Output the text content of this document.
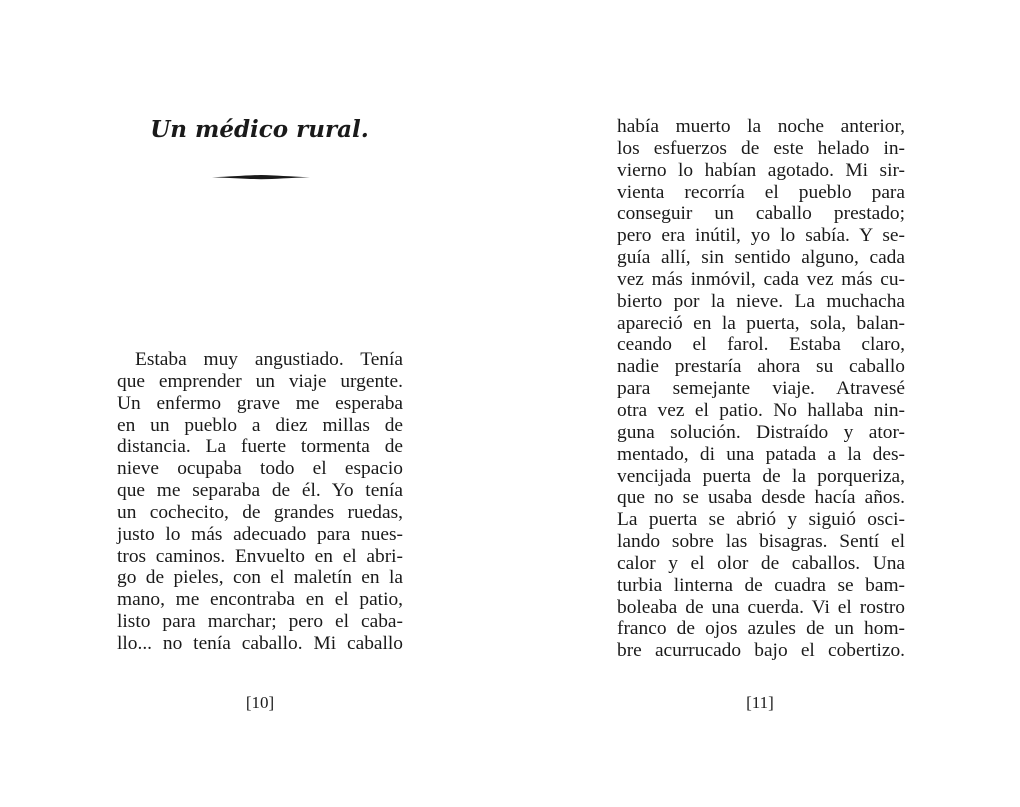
Un médico rural.
Estaba muy angustiado. Tenía
que emprender un viaje urgente.
Un enfermo grave me esperaba
en un pueblo a diez millas de
distancia. La fuerte tormenta de
nieve ocupaba todo el espacio
que me separaba de él. Yo tenía
un cochecito, de grandes ruedas,
justo lo más adecuado para nues-
tros caminos. Envuelto en el abri-
go de pieles, con el maletín en la
mano, me encontraba en el patio,
listo para marchar; pero el caba-
llo... no tenía caballo. Mi caballo
[10]
había muerto la noche anterior,
los esfuerzos de este helado in-
vierno lo habían agotado. Mi sir-
vienta recorría el pueblo para
conseguir un caballo prestado;
pero era inútil, yo lo sabía. Y se-
guía allí, sin sentido alguno, cada
vez más inmóvil, cada vez más cu-
bierto por la nieve. La muchacha
apareció en la puerta, sola, balan-
ceando el farol. Estaba claro,
nadie prestaría ahora su caballo
para semejante viaje. Atravesé
otra vez el patio. No hallaba nin-
guna solución. Distraído y ator-
mentado, di una patada a la des-
vencijada puerta de la porqueriza,
que no se usaba desde hacía años.
La puerta se abrió y siguió osci-
lando sobre las bisagras. Sentí el
calor y el olor de caballos. Una
turbia linterna de cuadra se bam-
boleaba de una cuerda. Vi el rostro
franco de ojos azules de un hom-
bre acurrucado bajo el cobertizo.
[11]
